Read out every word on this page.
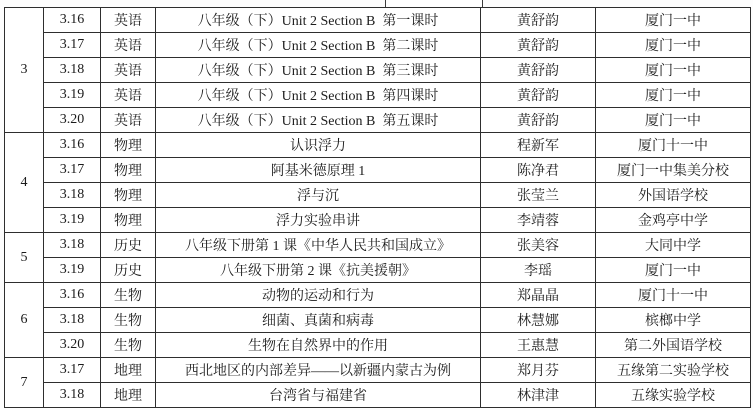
3	3.16	英语	八年级（下）Unit 2 Section B  第一课时	黄舒韵	厦门一中
	3.17	英语	八年级（下）Unit 2 Section B  第二课时	黄舒韵	厦门一中
	3.18	英语	八年级（下）Unit 2 Section B  第三课时	黄舒韵	厦门一中
	3.19	英语	八年级（下）Unit 2 Section B  第四课时	黄舒韵	厦门一中
	3.20	英语	八年级（下）Unit 2 Section B  第五课时	黄舒韵	厦门一中
4	3.16	物理	认识浮力	程新军	厦门十一中
	3.17	物理	阿基米德原理 1	陈净君	厦门一中集美分校
	3.18	物理	浮与沉	张莹兰	外国语学校
	3.19	物理	浮力实验串讲	李靖蓉	金鸡亭中学
5	3.18	历史	八年级下册第 1 课《中华人民共和国成立》	张美容	大同中学
	3.19	历史	八年级下册第 2 课《抗美援朝》	李瑶	厦门一中
6	3.16	生物	动物的运动和行为	郑晶晶	厦门十一中
	3.18	生物	细菌、真菌和病毒	林慧娜	槟榔中学
	3.20	生物	生物在自然界中的作用	王惠慧	第二外国语学校
7	3.17	地理	西北地区的内部差异――以新疆内蒙古为例	郑月芬	五缘第二实验学校
	3.18	地理	台湾省与福建省	林津津	五缘实验学校
